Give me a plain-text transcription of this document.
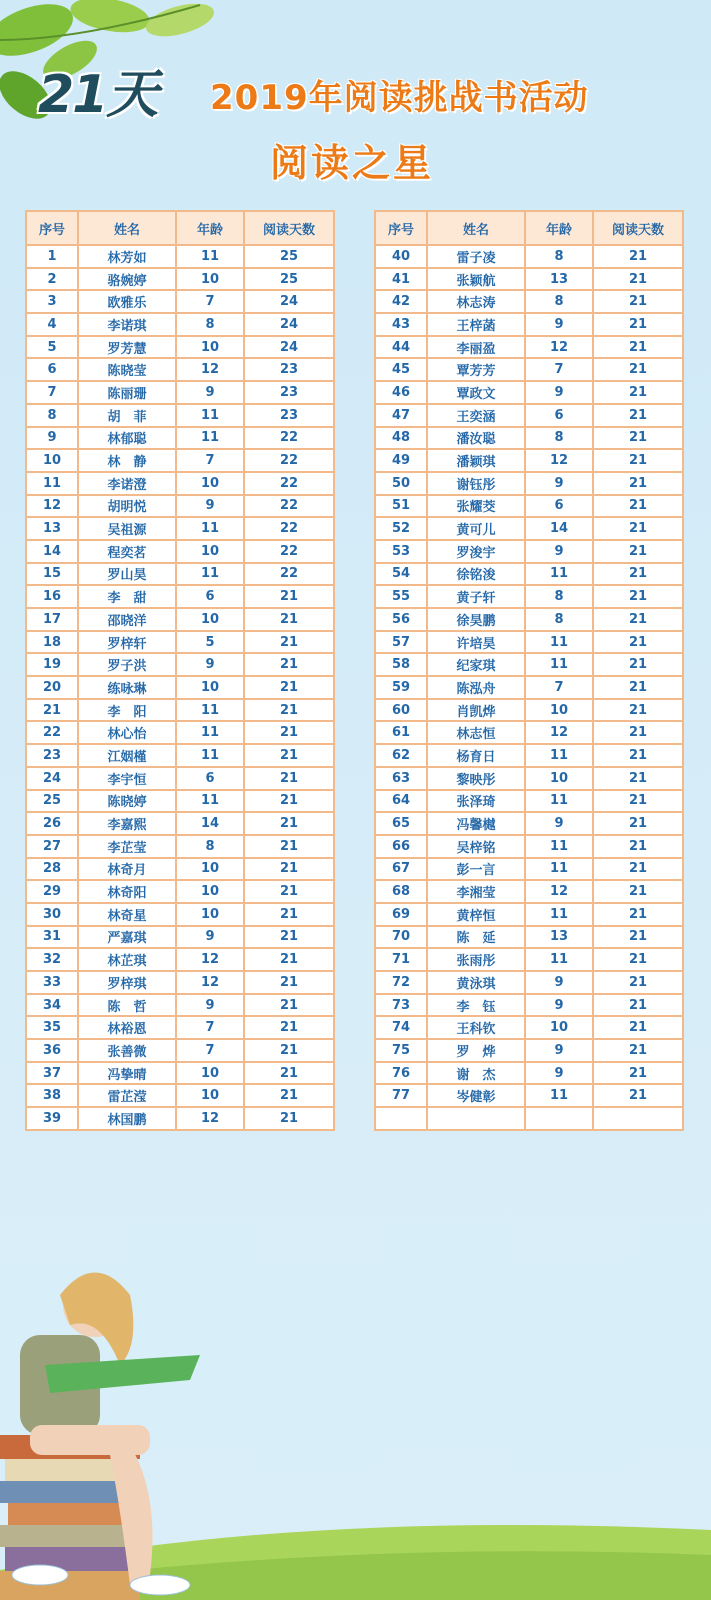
21天 2019年阅读挑战书活动
阅读之星
序号	姓名	年龄	阅读天数
1	林芳如	11	25
2	骆婉婷	10	25
3	欧雅乐	7	24
4	李诺琪	8	24
5	罗芳慧	10	24
6	陈晓莹	12	23
7	陈丽珊	9	23
8	胡　菲	11	23
9	林郁聪	11	22
10	林　静	7	22
11	李诺澄	10	22
12	胡明悦	9	22
13	吴祖源	11	22
14	程奕茗	10	22
15	罗山昊	11	22
16	李　甜	6	21
17	邵晓洋	10	21
18	罗梓轩	5	21
19	罗子洪	9	21
20	练咏琳	10	21
21	李　阳	11	21
22	林心怡	11	21
23	江姻槿	11	21
24	李宇恒	6	21
25	陈晓婷	11	21
26	李嘉熙	14	21
27	李芷莹	8	21
28	林奇月	10	21
29	林奇阳	10	21
30	林奇星	10	21
31	严嘉琪	9	21
32	林芷琪	12	21
33	罗梓琪	12	21
34	陈　哲	9	21
35	林裕恩	7	21
36	张善微	7	21
37	冯挚晴	10	21
38	雷芷滢	10	21
39	林国鹏	12	21
序号	姓名	年龄	阅读天数
40	雷子凌	8	21
41	张颖航	13	21
42	林志涛	8	21
43	王梓菡	9	21
44	李丽盈	12	21
45	覃芳芳	7	21
46	覃政文	9	21
47	王奕涵	6	21
48	潘汝聪	8	21
49	潘颖琪	12	21
50	谢钰彤	9	21
51	张耀茭	6	21
52	黄可儿	14	21
53	罗浚宇	9	21
54	徐铭浚	11	21
55	黄子轩	8	21
56	徐昊鹏	8	21
57	许培昊	11	21
58	纪家琪	11	21
59	陈泓舟	7	21
60	肖凯烨	10	21
61	林志恒	12	21
62	杨育日	11	21
63	黎映彤	10	21
64	张泽琦	11	21
65	冯馨樾	9	21
66	吴梓铭	11	21
67	彭一言	11	21
68	李湘莹	12	21
69	黄梓恒	11	21
70	陈　延	13	21
71	张雨彤	11	21
72	黄泳琪	9	21
73	李　钰	9	21
74	王科钦	10	21
75	罗　烨	9	21
76	谢　杰	9	21
77	岑健彰	11	21
